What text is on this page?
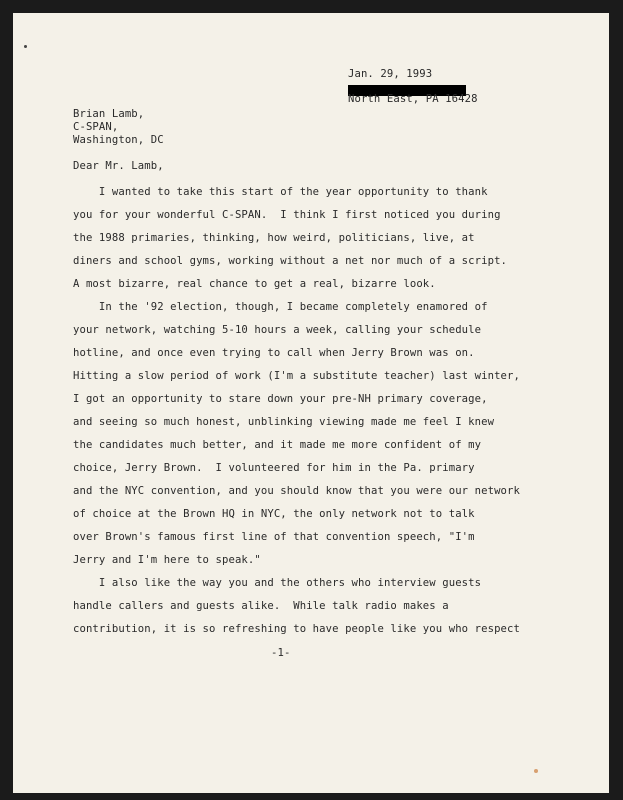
Jan. 29, 1993

North East, PA 16428

Brian Lamb,

C-SPAN,

Washington, DC

Dear Mr. Lamb,

I wanted to take this start of the year opportunity to thank

you for your wonderful C-SPAN.  I think I first noticed you during

the 1988 primaries, thinking, how weird, politicians, live, at

diners and school gyms, working without a net nor much of a script.

A most bizarre, real chance to get a real, bizarre look.

In the '92 election, though, I became completely enamored of

your network, watching 5-10 hours a week, calling your schedule

hotline, and once even trying to call when Jerry Brown was on.

Hitting a slow period of work (I'm a substitute teacher) last winter,

I got an opportunity to stare down your pre-NH primary coverage,

and seeing so much honest, unblinking viewing made me feel I knew

the candidates much better, and it made me more confident of my

choice, Jerry Brown.  I volunteered for him in the Pa. primary

and the NYC convention, and you should know that you were our network

of choice at the Brown HQ in NYC, the only network not to talk

over Brown's famous first line of that convention speech, "I'm

Jerry and I'm here to speak."

I also like the way you and the others who interview guests

handle callers and guests alike.  While talk radio makes a

contribution, it is so refreshing to have people like you who respect

-1-
